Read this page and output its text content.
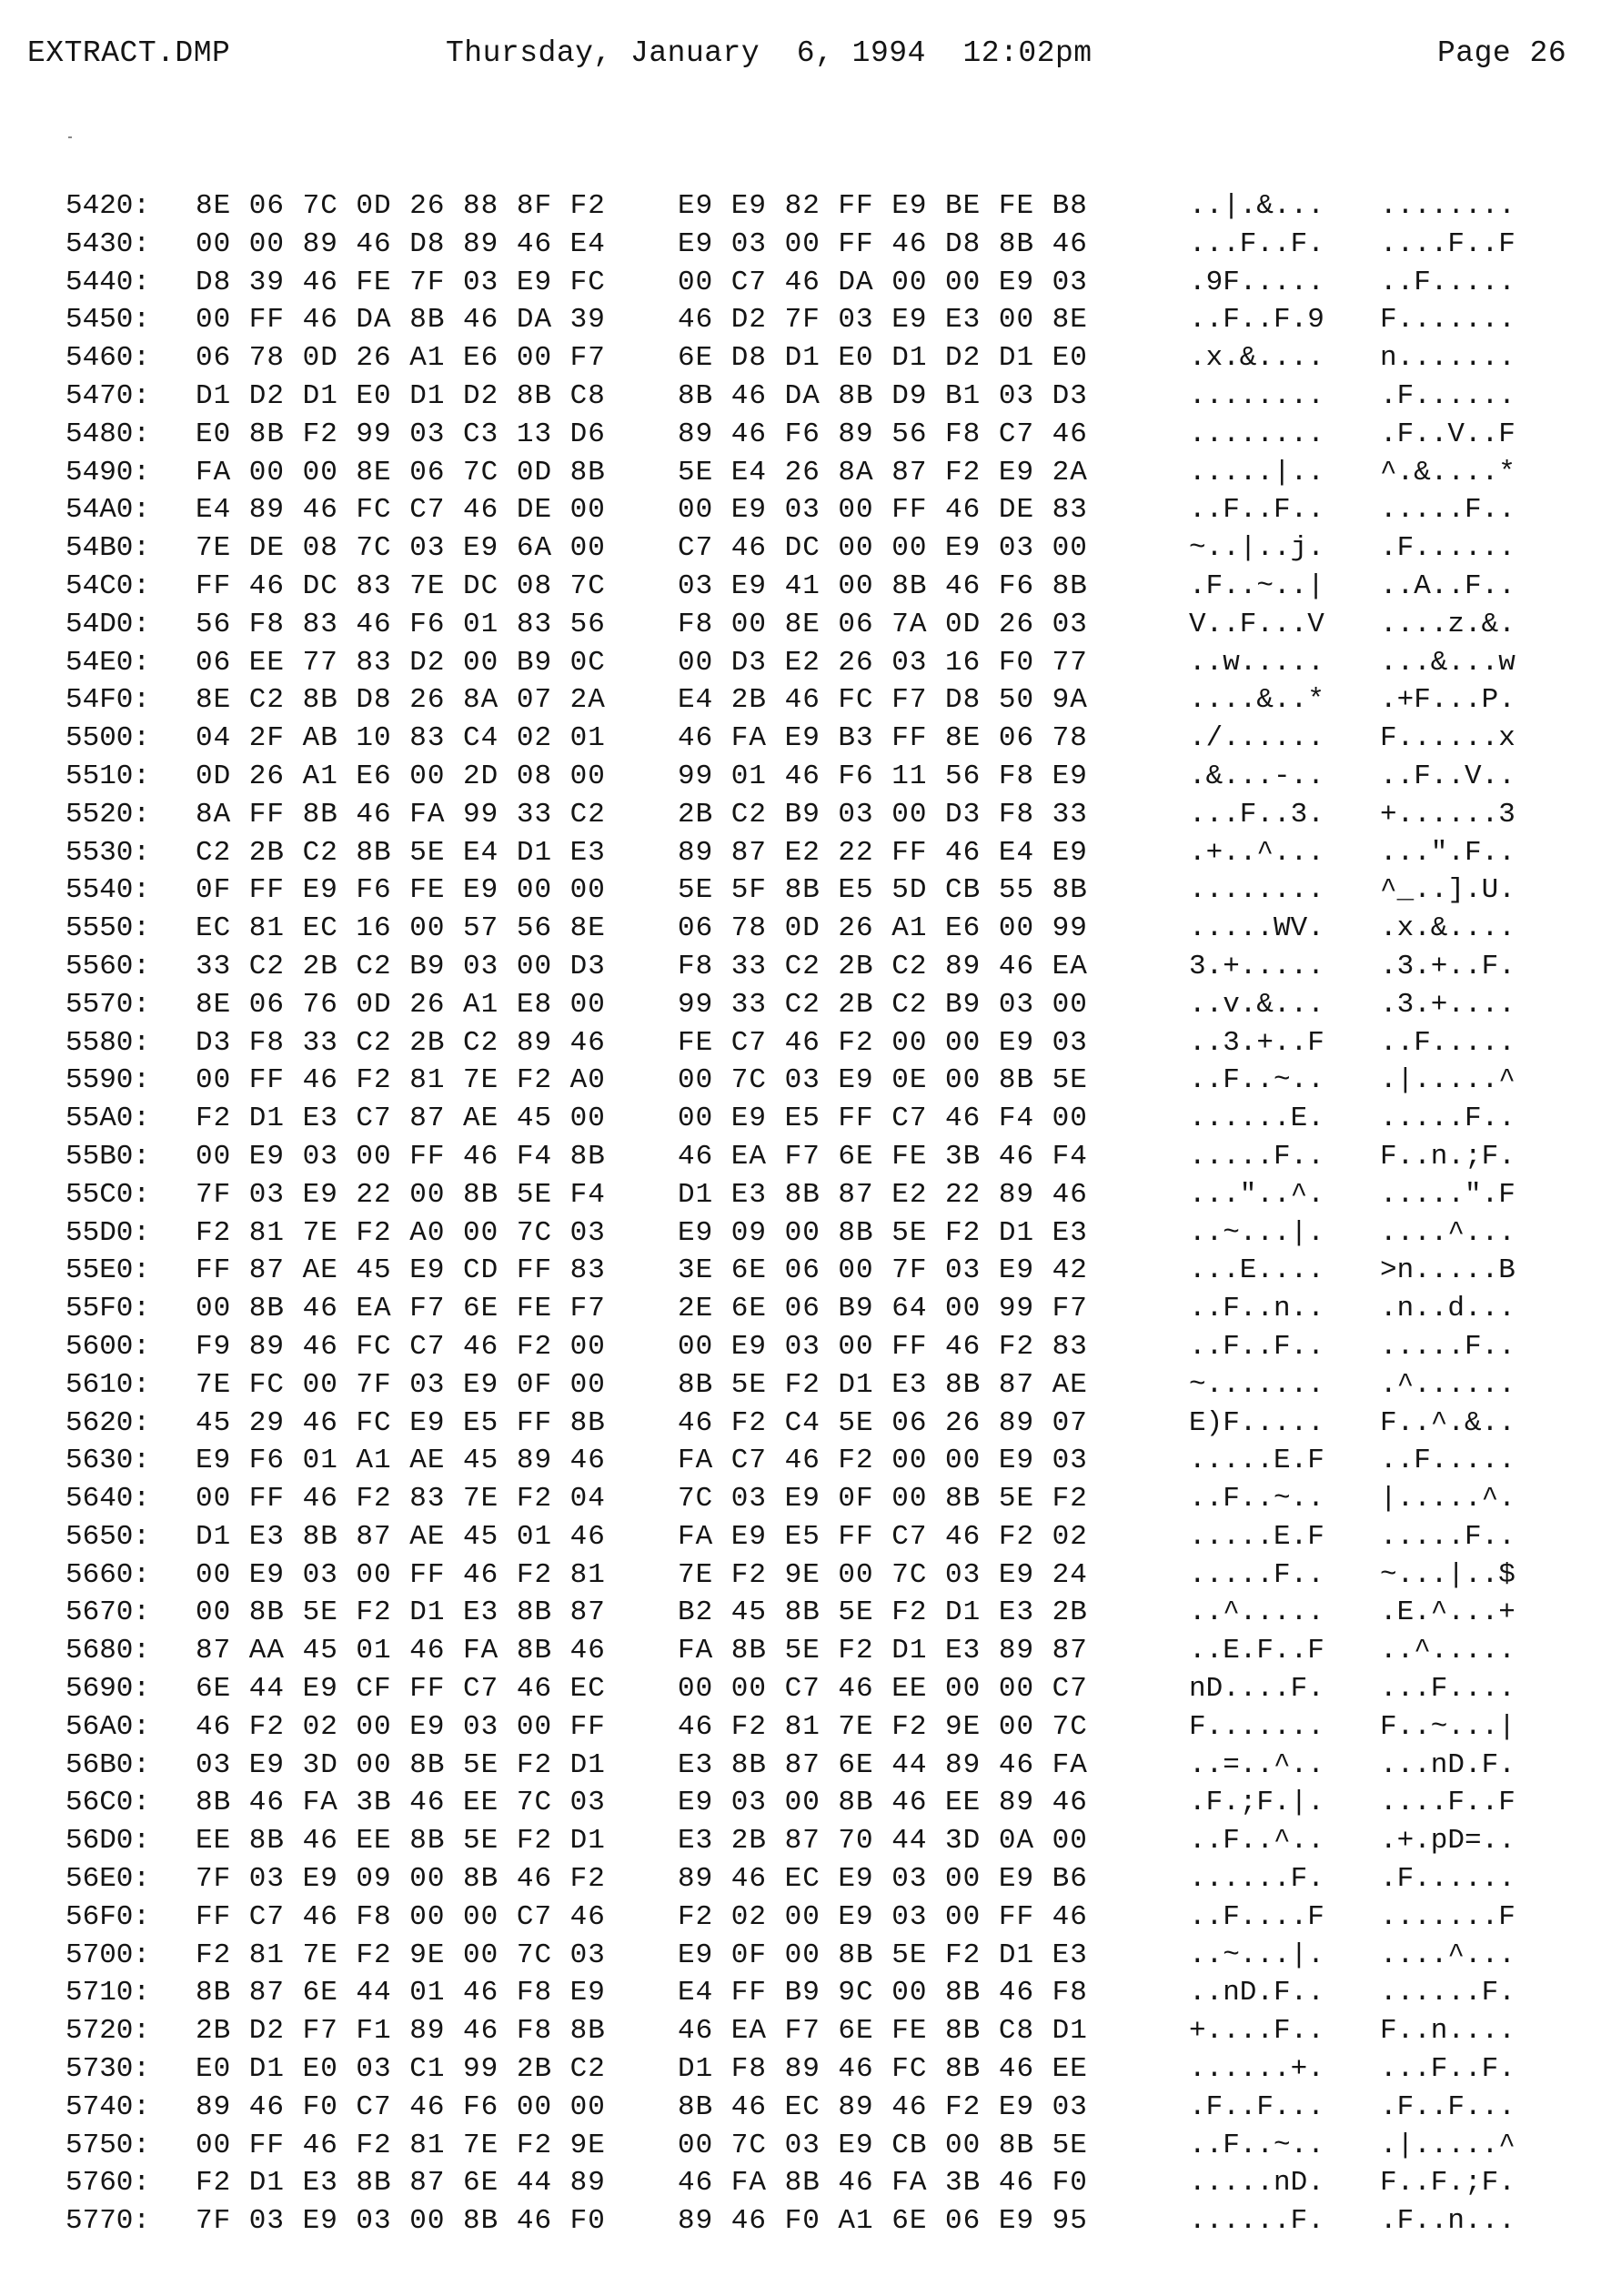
EXTRACT.DMP	Thursday, January  6, 1994  12:02pm	Page 26
5420: 8E 06 7C 0D 26 88 8F F2	E9 E9 82 FF E9 BE FE B8	..|.&... ........
5430: 00 00 89 46 D8 89 46 E4	E9 03 00 FF 46 D8 8B 46	...F..F. ....F..F
5440: D8 39 46 FE 7F 03 E9 FC	00 C7 46 DA 00 00 E9 03	.9F..... ..F.....
5450: 00 FF 46 DA 8B 46 DA 39	46 D2 7F 03 E9 E3 00 8E	..F..F.9 F.......
5460: 06 78 0D 26 A1 E6 00 F7	6E D8 D1 E0 D1 D2 D1 E0	.x.&.... n.......
5470: D1 D2 D1 E0 D1 D2 8B C8	8B 46 DA 8B D9 B1 03 D3	........ .F......
5480: E0 8B F2 99 03 C3 13 D6	89 46 F6 89 56 F8 C7 46	........ .F..V..F
5490: FA 00 00 8E 06 7C 0D 8B	5E E4 26 8A 87 F2 E9 2A	.....|.. ^.&....*
54A0: E4 89 46 FC C7 46 DE 00	00 E9 03 00 FF 46 DE 83	..F..F.. .....F..
54B0: 7E DE 08 7C 03 E9 6A 00	C7 46 DC 00 00 E9 03 00	~..|..j. .F......
54C0: FF 46 DC 83 7E DC 08 7C	03 E9 41 00 8B 46 F6 8B	.F..~..| ..A..F..
54D0: 56 F8 83 46 F6 01 83 56	F8 00 8E 06 7A 0D 26 03	V..F...V ....z.&.
54E0: 06 EE 77 83 D2 00 B9 0C	00 D3 E2 26 03 16 F0 77	..w..... ...&...w
54F0: 8E C2 8B D8 26 8A 07 2A	E4 2B 46 FC F7 D8 50 9A	....&..* .+F...P.
5500: 04 2F AB 10 83 C4 02 01	46 FA E9 B3 FF 8E 06 78	./...... F......x
5510: 0D 26 A1 E6 00 2D 08 00	99 01 46 F6 11 56 F8 E9	.&...-.. ..F..V..
5520: 8A FF 8B 46 FA 99 33 C2	2B C2 B9 03 00 D3 F8 33	...F..3. +......3
5530: C2 2B C2 8B 5E E4 D1 E3	89 87 E2 22 FF 46 E4 E9	.+..^... ...".F..
5540: 0F FF E9 F6 FE E9 00 00	5E 5F 8B E5 5D CB 55 8B	........ ^_..].U.
5550: EC 81 EC 16 00 57 56 8E	06 78 0D 26 A1 E6 00 99	.....WV. .x.&....
5560: 33 C2 2B C2 B9 03 00 D3	F8 33 C2 2B C2 89 46 EA	3.+..... .3.+..F.
5570: 8E 06 76 0D 26 A1 E8 00	99 33 C2 2B C2 B9 03 00	..v.&... .3.+....
5580: D3 F8 33 C2 2B C2 89 46	FE C7 46 F2 00 00 E9 03	..3.+..F ..F.....
5590: 00 FF 46 F2 81 7E F2 A0	00 7C 03 E9 0E 00 8B 5E	..F..~.. .|.....^
55A0: F2 D1 E3 C7 87 AE 45 00	00 E9 E5 FF C7 46 F4 00	......E. .....F..
55B0: 00 E9 03 00 FF 46 F4 8B	46 EA F7 6E FE 3B 46 F4	.....F.. F..n.;F.
55C0: 7F 03 E9 22 00 8B 5E F4	D1 E3 8B 87 E2 22 89 46	..."..^. .....".F
55D0: F2 81 7E F2 A0 00 7C 03	E9 09 00 8B 5E F2 D1 E3	..~...|. ....^...
55E0: FF 87 AE 45 E9 CD FF 83	3E 6E 06 00 7F 03 E9 42	...E.... >n.....B
55F0: 00 8B 46 EA F7 6E FE F7	2E 6E 06 B9 64 00 99 F7	..F..n.. .n..d...
5600: F9 89 46 FC C7 46 F2 00	00 E9 03 00 FF 46 F2 83	..F..F.. .....F..
5610: 7E FC 00 7F 03 E9 0F 00	8B 5E F2 D1 E3 8B 87 AE	~....... .^......
5620: 45 29 46 FC E9 E5 FF 8B	46 F2 C4 5E 06 26 89 07	E)F..... F..^.&..
5630: E9 F6 01 A1 AE 45 89 46	FA C7 46 F2 00 00 E9 03	.....E.F ..F.....
5640: 00 FF 46 F2 83 7E F2 04	7C 03 E9 0F 00 8B 5E F2	..F..~.. |.....^.
5650: D1 E3 8B 87 AE 45 01 46	FA E9 E5 FF C7 46 F2 02	.....E.F .....F..
5660: 00 E9 03 00 FF 46 F2 81	7E F2 9E 00 7C 03 E9 24	.....F.. ~...|..$
5670: 00 8B 5E F2 D1 E3 8B 87	B2 45 8B 5E F2 D1 E3 2B	..^..... .E.^...+
5680: 87 AA 45 01 46 FA 8B 46	FA 8B 5E F2 D1 E3 89 87	..E.F..F ..^.....
5690: 6E 44 E9 CF FF C7 46 EC	00 00 C7 46 EE 00 00 C7	nD....F. ...F....
56A0: 46 F2 02 00 E9 03 00 FF	46 F2 81 7E F2 9E 00 7C	F....... F..~...|
56B0: 03 E9 3D 00 8B 5E F2 D1	E3 8B 87 6E 44 89 46 FA	..=..^.. ...nD.F.
56C0: 8B 46 FA 3B 46 EE 7C 03	E9 03 00 8B 46 EE 89 46	.F.;F.|. ....F..F
56D0: EE 8B 46 EE 8B 5E F2 D1	E3 2B 87 70 44 3D 0A 00	..F..^.. .+.pD=..
56E0: 7F 03 E9 09 00 8B 46 F2	89 46 EC E9 03 00 E9 B6	......F. .F......
56F0: FF C7 46 F8 00 00 C7 46	F2 02 00 E9 03 00 FF 46	..F....F .......F
5700: F2 81 7E F2 9E 00 7C 03	E9 0F 00 8B 5E F2 D1 E3	..~...|. ....^...
5710: 8B 87 6E 44 01 46 F8 E9	E4 FF B9 9C 00 8B 46 F8	..nD.F.. ......F.
5720: 2B D2 F7 F1 89 46 F8 8B	46 EA F7 6E FE 8B C8 D1	+....F.. F..n....
5730: E0 D1 E0 03 C1 99 2B C2	D1 F8 89 46 FC 8B 46 EE	......+. ...F..F.
5740: 89 46 F0 C7 46 F6 00 00	8B 46 EC 89 46 F2 E9 03	.F..F... .F..F...
5750: 00 FF 46 F2 81 7E F2 9E	00 7C 03 E9 CB 00 8B 5E	..F..~.. .|.....^
5760: F2 D1 E3 8B 87 6E 44 89	46 FA 8B 46 FA 3B 46 F0	.....nD. F..F.;F.
5770: 7F 03 E9 03 00 8B 46 F0	89 46 F0 A1 6E 06 E9 95	......F. .F..n...
